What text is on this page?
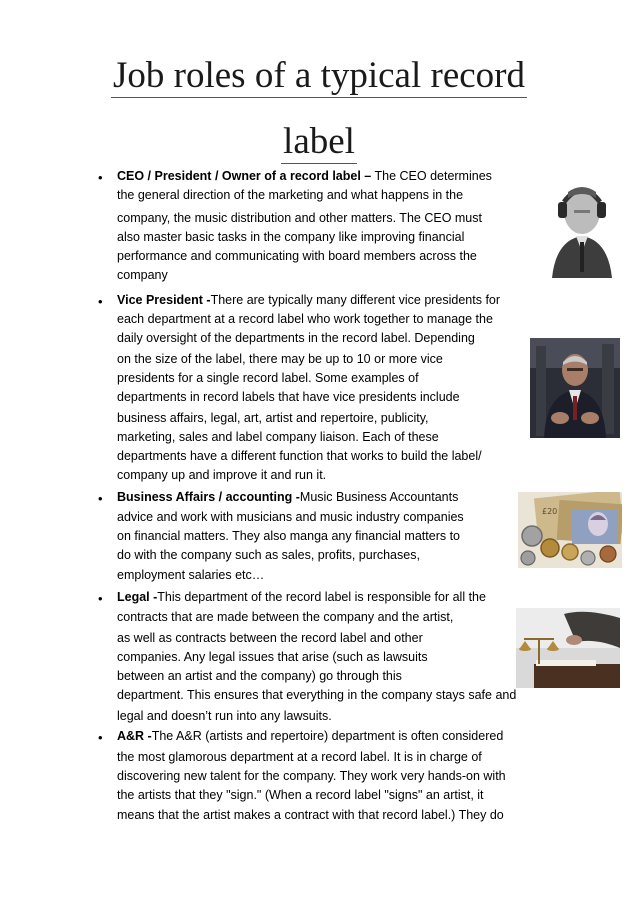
Job roles of a typical record
label
• CEO / President / Owner of a record label – The CEO determines
the general direction of the marketing and what happens in the
company, the music distribution and other matters. The CEO must
also master basic tasks in the company like improving financial
performance and communicating with board members across the
company
• Vice President -There are typically many different vice presidents for
each department at a record label who work together to manage the
daily oversight of the departments in the record label. Depending
on the size of the label, there may be up to 10 or more vice
presidents for a single record label. Some examples of
departments in record labels that have vice presidents include
business affairs, legal, art, artist and repertoire, publicity,
marketing, sales and label company liaison. Each of these
departments have a different function that works to build the label/
company up and improve it and run it.
• Business Affairs / accounting -Music Business Accountants
advice and work with musicians and music industry companies
on financial matters. They also manga any financial matters to
do with the company such as sales, profits, purchases,
employment salaries etc…
• Legal -This department of the record label is responsible for all the
contracts that are made between the company and the artist,
as well as contracts between the record label and other
companies. Any legal issues that arise (such as lawsuits
between an artist and the company) go through this
department. This ensures that everything in the company stays safe and
legal and doesn’t run into any lawsuits.
• A&R -The A&R (artists and repertoire) department is often considered
the most glamorous department at a record label. It is in charge of
discovering new talent for the company. They work very hands-on with
the artists that they "sign." (When a record label "signs" an artist, it
means that the artist makes a contract with that record label.) They do
£20
